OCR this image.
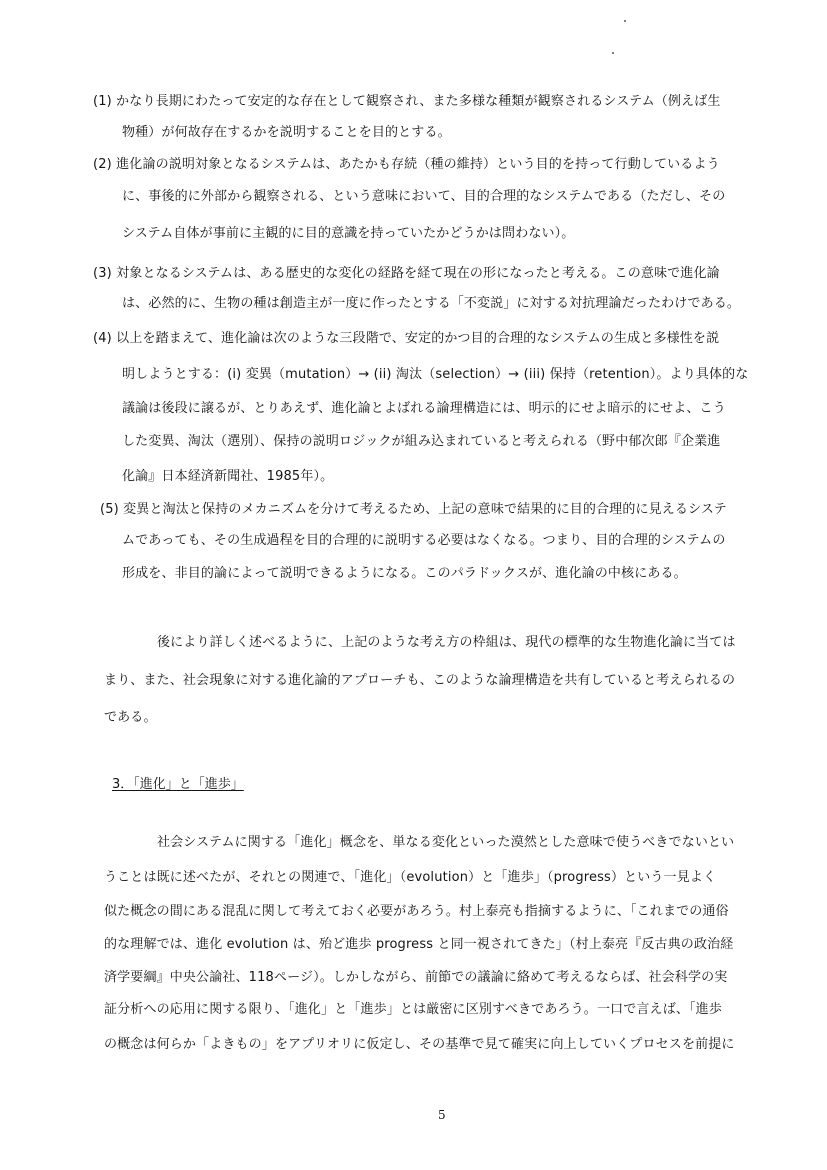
(1) かなり長期にわたって安定的な存在として観察され、また多様な種類が観察されるシステム（例えば生
物種）が何故存在するかを説明することを目的とする。
(2) 進化論の説明対象となるシステムは、あたかも存続（種の維持）という目的を持って行動しているよう
に、事後的に外部から観察される、という意味において、目的合理的なシステムである（ただし、その
システム自体が事前に主観的に目的意識を持っていたかどうかは問わない）。
(3) 対象となるシステムは、ある歴史的な変化の経路を経て現在の形になったと考える。この意味で進化論
は、必然的に、生物の種は創造主が一度に作ったとする「不変説」に対する対抗理論だったわけである。
(4) 以上を踏まえて、進化論は次のような三段階で、安定的かつ目的合理的なシステムの生成と多様性を説
明しようとする：(i) 変異（mutation）→ (ii) 淘汰（selection）→ (iii) 保持（retention）。より具体的な
議論は後段に譲るが、とりあえず、進化論とよばれる論理構造には、明示的にせよ暗示的にせよ、こう
した変異、淘汰（選別）、保持の説明ロジックが組み込まれていると考えられる（野中郁次郎『企業進
化論』日本経済新聞社、1985年）。
(5) 変異と淘汰と保持のメカニズムを分けて考えるため、上記の意味で結果的に目的合理的に見えるシステ
ムであっても、その生成過程を目的合理的に説明する必要はなくなる。つまり、目的合理的システムの
形成を、非目的論によって説明できるようになる。このパラドックスが、進化論の中核にある。
後により詳しく述べるように、上記のような考え方の枠組は、現代の標準的な生物進化論に当ては
まり、また、社会現象に対する進化論的アプローチも、このような論理構造を共有していると考えられるの
である。
3．「進化」と「進歩」
社会システムに関する「進化」概念を、単なる変化といった漠然とした意味で使うべきでないとい
うことは既に述べたが、それとの関連で、「進化」（evolution）と「進歩」（progress）という一見よく
似た概念の間にある混乱に関して考えておく必要があろう。村上泰亮も指摘するように、「これまでの通俗
的な理解では、進化 evolution は、殆ど進歩 progress と同一視されてきた」（村上泰亮『反古典の政治経
済学要綱』中央公論社、118ページ）。しかしながら、前節での議論に絡めて考えるならば、社会科学の実
証分析への応用に関する限り、「進化」と「進歩」とは厳密に区別すべきであろう。一口で言えば、「進歩
の概念は何らか「よきもの」をアプリオリに仮定し、その基準で見て確実に向上していくプロセスを前提に
5
